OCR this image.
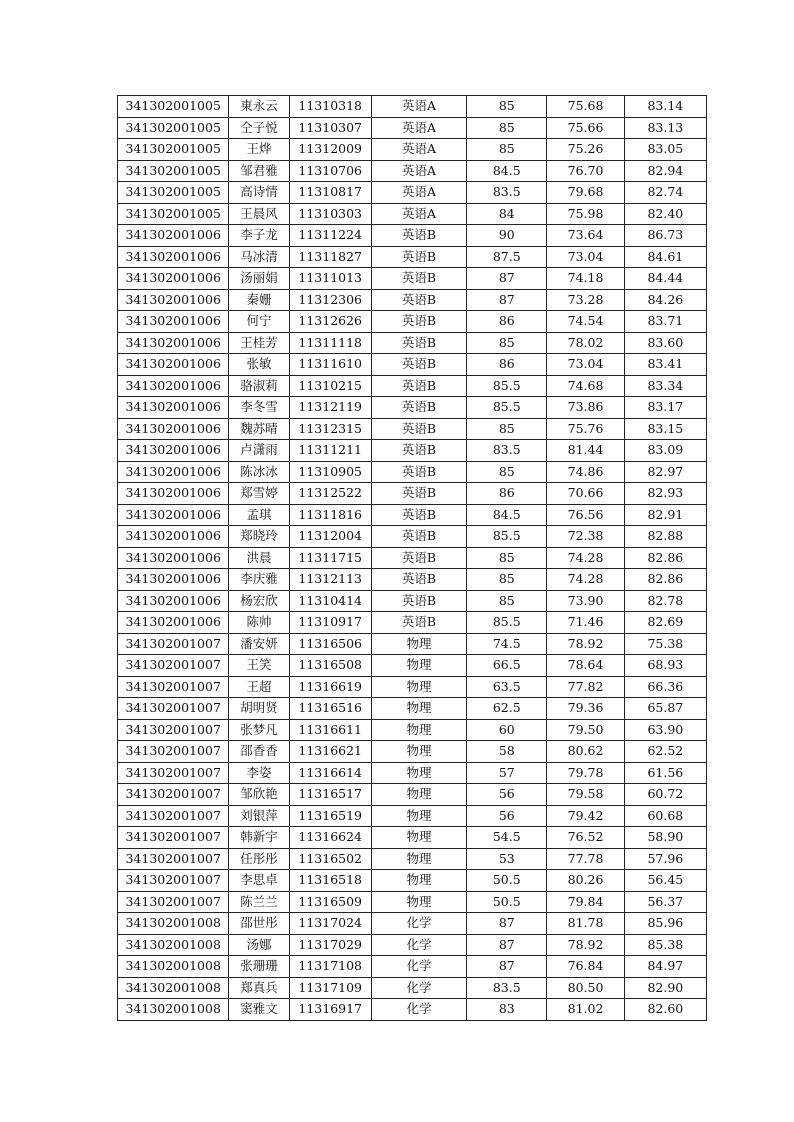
341302001005	東永云	11310318	英语A	85	75.68	83.14
341302001005	仝子悦	11310307	英语A	85	75.66	83.13
341302001005	王烨	11312009	英语A	85	75.26	83.05
341302001005	邹君雅	11310706	英语A	84.5	76.70	82.94
341302001005	高诗情	11310817	英语A	83.5	79.68	82.74
341302001005	王晨风	11310303	英语A	84	75.98	82.40
341302001006	李子龙	11311224	英语B	90	73.64	86.73
341302001006	马冰清	11311827	英语B	87.5	73.04	84.61
341302001006	汤丽娟	11311013	英语B	87	74.18	84.44
341302001006	秦姗	11312306	英语B	87	73.28	84.26
341302001006	何宁	11312626	英语B	86	74.54	83.71
341302001006	王桂芳	11311118	英语B	85	78.02	83.60
341302001006	张敏	11311610	英语B	86	73.04	83.41
341302001006	骆淑莉	11310215	英语B	85.5	74.68	83.34
341302001006	李冬雪	11312119	英语B	85.5	73.86	83.17
341302001006	魏苏晴	11312315	英语B	85	75.76	83.15
341302001006	卢潇雨	11311211	英语B	83.5	81.44	83.09
341302001006	陈冰冰	11310905	英语B	85	74.86	82.97
341302001006	郑雪婷	11312522	英语B	86	70.66	82.93
341302001006	孟琪	11311816	英语B	84.5	76.56	82.91
341302001006	郑晓玲	11312004	英语B	85.5	72.38	82.88
341302001006	洪晨	11311715	英语B	85	74.28	82.86
341302001006	李庆雅	11312113	英语B	85	74.28	82.86
341302001006	杨宏欣	11310414	英语B	85	73.90	82.78
341302001006	陈帅	11310917	英语B	85.5	71.46	82.69
341302001007	潘安妍	11316506	物理	74.5	78.92	75.38
341302001007	王笑	11316508	物理	66.5	78.64	68.93
341302001007	王超	11316619	物理	63.5	77.82	66.36
341302001007	胡明贤	11316516	物理	62.5	79.36	65.87
341302001007	张梦凡	11316611	物理	60	79.50	63.90
341302001007	邵香香	11316621	物理	58	80.62	62.52
341302001007	李姿	11316614	物理	57	79.78	61.56
341302001007	邹欣艳	11316517	物理	56	79.58	60.72
341302001007	刘银萍	11316519	物理	56	79.42	60.68
341302001007	韩新宇	11316624	物理	54.5	76.52	58.90
341302001007	任彤彤	11316502	物理	53	77.78	57.96
341302001007	李思卓	11316518	物理	50.5	80.26	56.45
341302001007	陈兰兰	11316509	物理	50.5	79.84	56.37
341302001008	邵世彤	11317024	化学	87	81.78	85.96
341302001008	汤娜	11317029	化学	87	78.92	85.38
341302001008	张珊珊	11317108	化学	87	76.84	84.97
341302001008	郑真兵	11317109	化学	83.5	80.50	82.90
341302001008	窦雅文	11316917	化学	83	81.02	82.60
